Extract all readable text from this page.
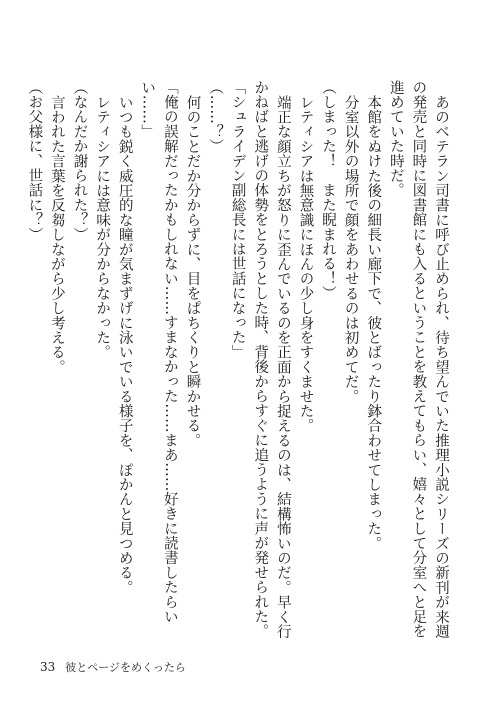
あのベテラン司書に呼び止められ、待ち望んでいた推理小説シリーズの新刊が来週の発売と同時に図書館にも入るということを教えてもらい、嬉々として分室へと足を進めていた時だ。

本館をぬけた後の細長い廊下で、彼とばったり鉢合わせてしまった。

分室以外の場所で顔をあわせるのは初めてだ。

（しまった！　また睨まれる！）

レティシアは無意識にほんの少し身をすくませた。

端正な顔立ちが怒りに歪んでいるのを正面から捉えるのは、結構怖いのだ。早く行かねばと逃げの体勢をとろうとした時、背後からすぐに追うように声が発せられた。

「シュライデン副総長には世話になった」

（……？）

何のことだか分からずに、目をぱちくりと瞬かせる。

「俺の誤解だったかもしれない……すまなかった……まあ……好きに読書したらいい……」

いつも鋭く威圧的な瞳が気まずげに泳いでいる様子を、ぽかんと見つめる。

レティシアには意味が分からなかった。

（なんだか謝られた？）

言われた言葉を反芻しながら少し考える。

（お父様に、世話に？）

33 彼とページをめくったら
